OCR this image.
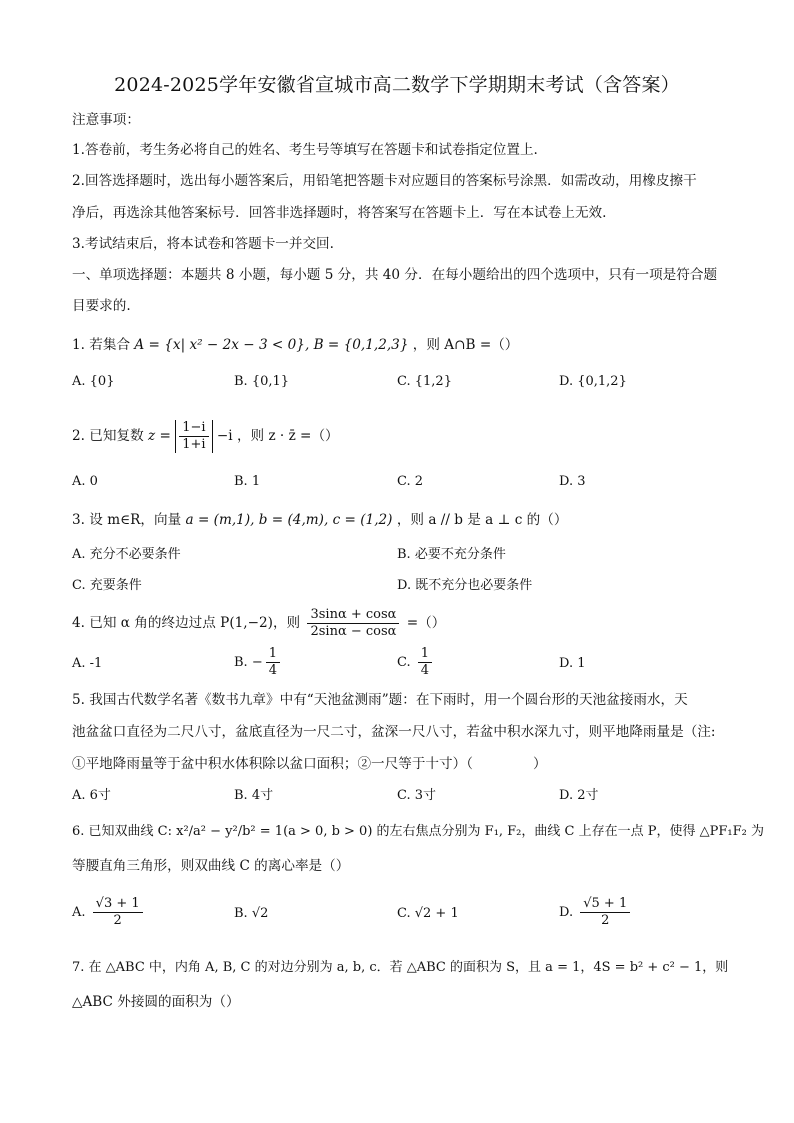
2024-2025学年安徽省宣城市高二数学下学期期末考试（含答案）
注意事项：
1.答卷前，考生务必将自己的姓名、考生号等填写在答题卡和试卷指定位置上.
2.回答选择题时，选出每小题答案后，用铅笔把答题卡对应题目的答案标号涂黑．如需改动，用橡皮擦干
净后，再选涂其他答案标号．回答非选择题时，将答案写在答题卡上．写在本试卷上无效.
3.考试结束后，将本试卷和答题卡一并交回.
一、单项选择题：本题共 8 小题，每小题 5 分，共 40 分．在每小题给出的四个选项中，只有一项是符合题
目要求的.
1. 若集合 A = {x| x² − 2x − 3 < 0}, B = {0,1,2,3} ，则 A∩B =（）
A. {0}	B. {0,1}	C. {1,2}	D. {0,1,2}
2. 已知复数 $z = \frac{1-i}{1+i} -i$ ，则 z · z̄ =（）
A. 0	B. 1	C. 2	D. 3
3. 设 m∈R，向量 a = (m,1), b = (4,m), c = (1,2) ，则 a // b 是 a ⊥ c 的（）
A. 充分不必要条件	B. 必要不充分条件
C. 充要条件	D. 既不充分也必要条件
4. 已知 α 角的终边过点 P(1,−2)，则 $\frac{3\sin\alpha + \cos\alpha}{2\sin\alpha - \cos\alpha}$ =（）
A. -1	B. − $\frac{1}{4}$	C. $\frac{1}{4}$	D. 1
5. 我国古代数学名著《数书九章》中有“天池盆测雨”题：在下雨时，用一个圆台形的天池盆接雨水，天
池盆盆口直径为二尺八寸，盆底直径为一尺二寸，盆深一尺八寸，若盆中积水深九寸，则平地降雨量是（注:
①平地降雨量等于盆中积水体积除以盆口面积；②一尺等于十寸）（	）
A. 6寸	B. 4寸	C. 3寸	D. 2寸
6. 已知双曲线 C: x²/a² − y²/b² = 1(a > 0, b > 0) 的左右焦点分别为 F₁, F₂，曲线 C 上存在一点 P，使得 △PF₁F₂ 为
等腰直角三角形，则双曲线 C 的离心率是（）
A. $\frac{√3 + 1}{2}$	B. √2	C. √2 + 1	D. $\frac{√5 + 1}{2}$
7. 在 △ABC 中，内角 A, B, C 的对边分别为 a, b, c．若 △ABC 的面积为 S，且 a = 1，4S = b² + c² − 1，则
△ABC 外接圆的面积为（）
